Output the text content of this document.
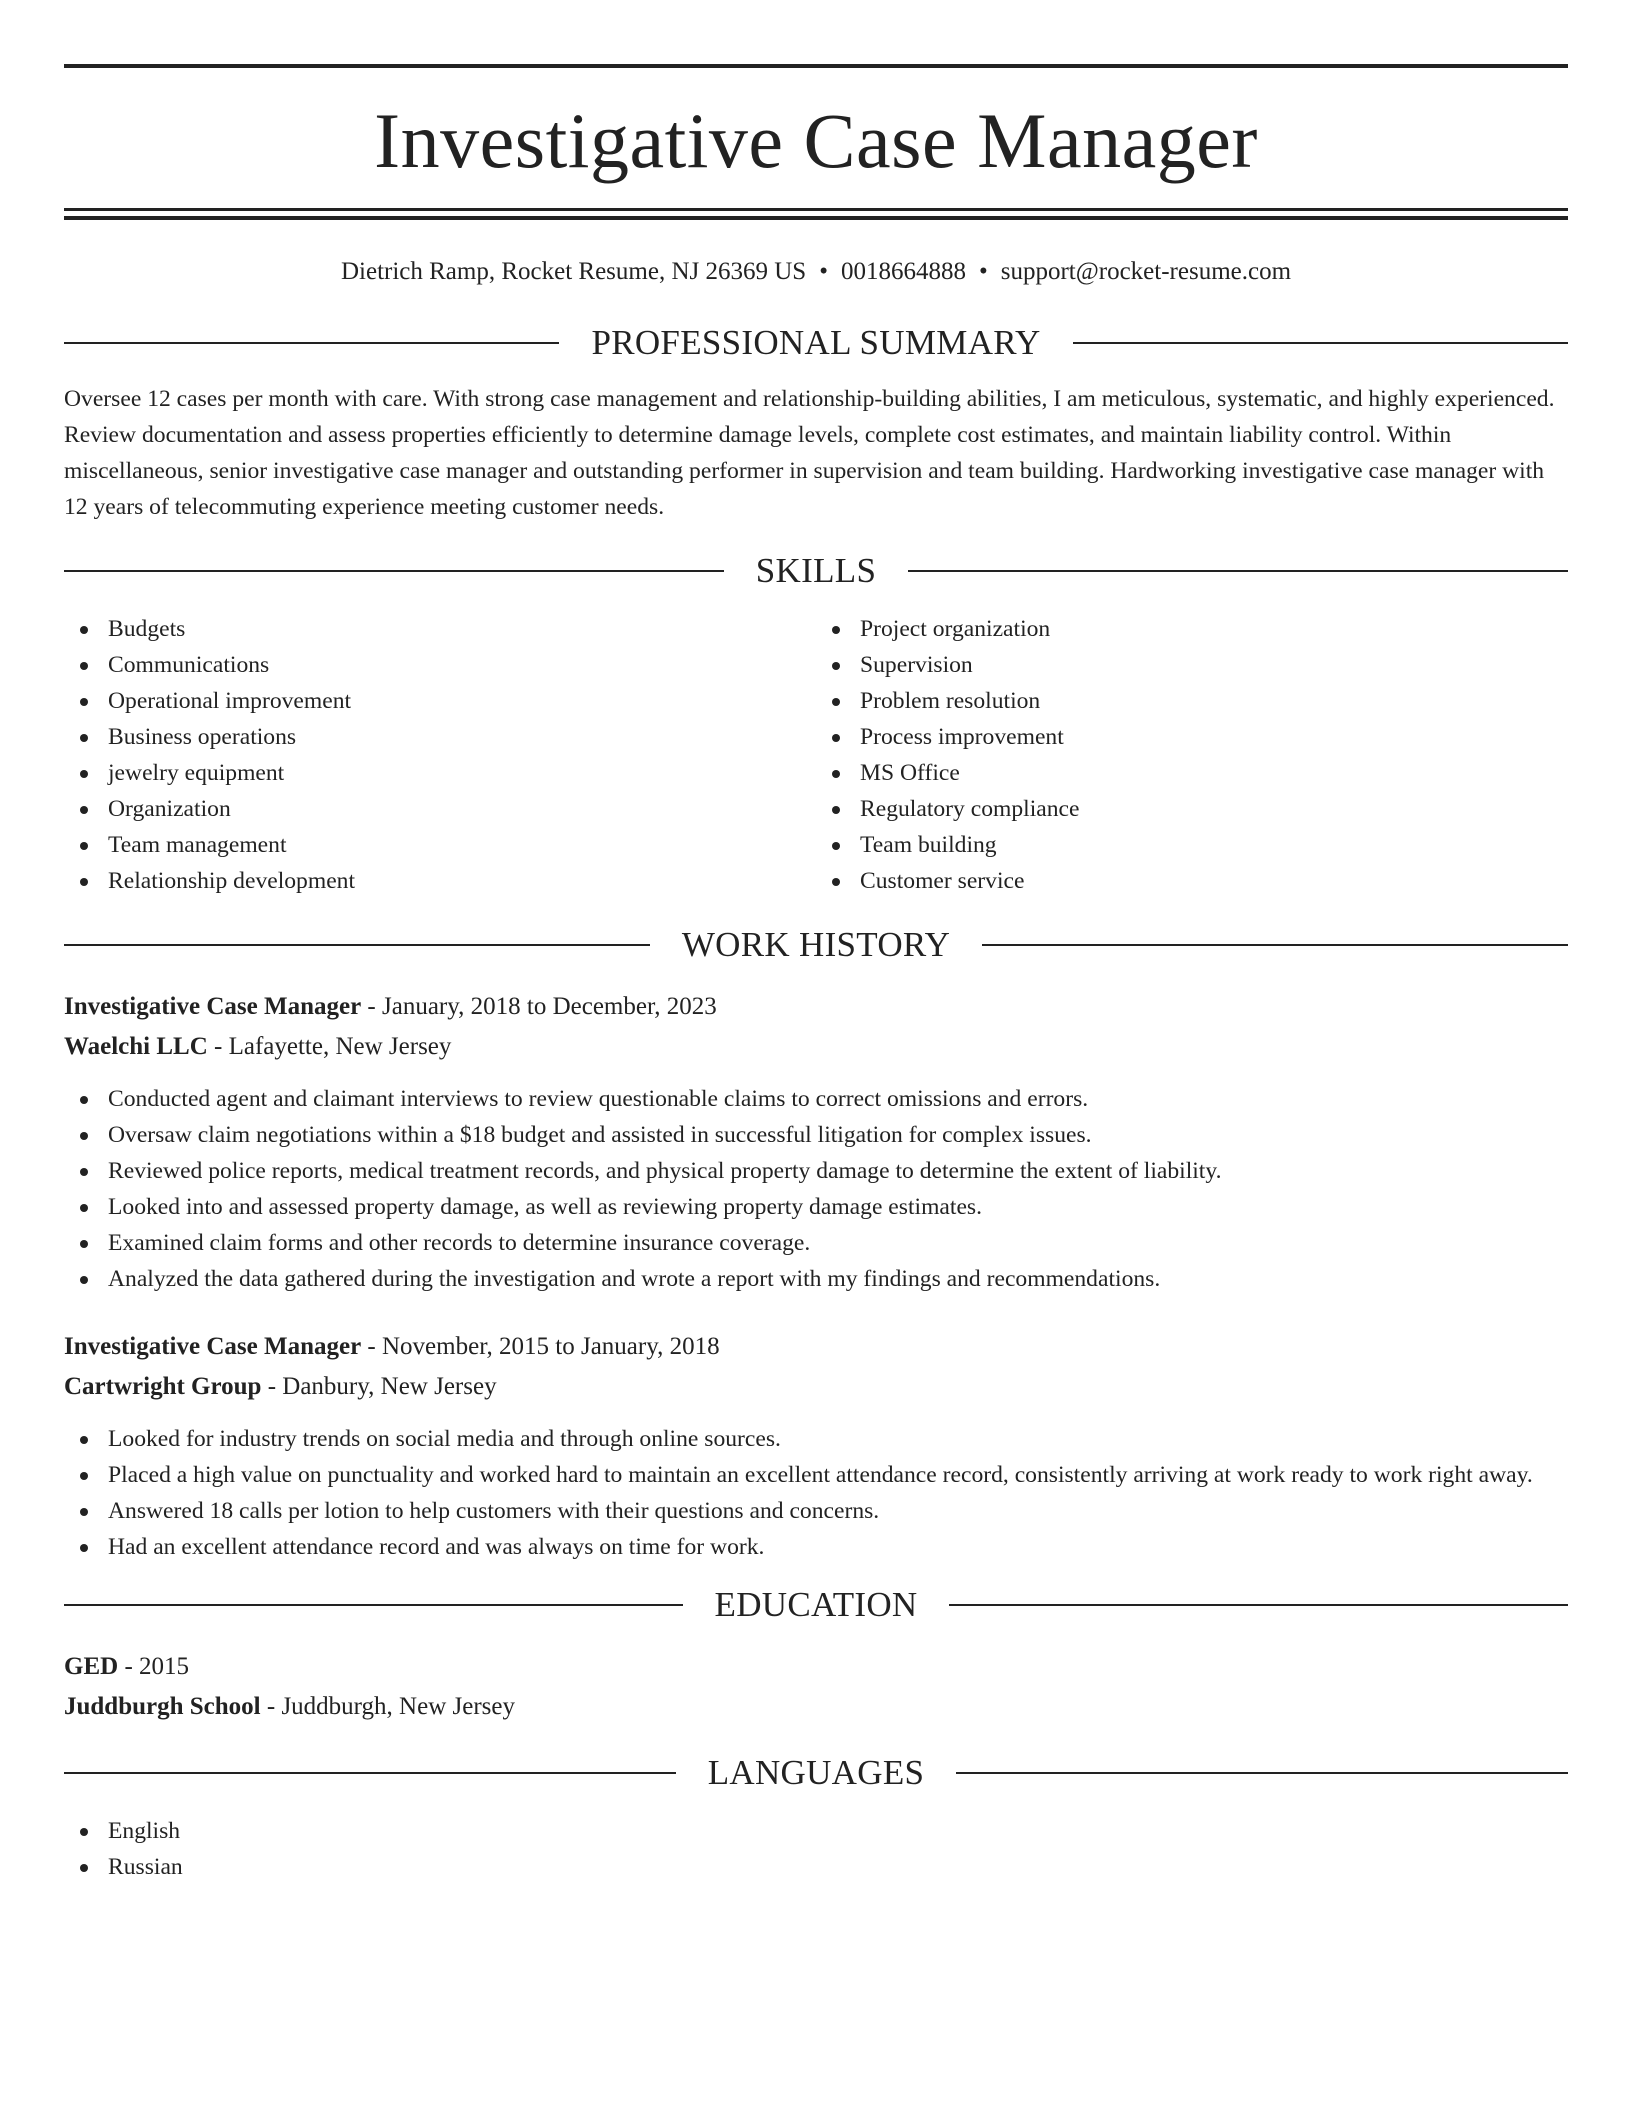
Investigative Case Manager
Dietrich Ramp, Rocket Resume, NJ 26369 US • 0018664888 • support@rocket-resume.com
PROFESSIONAL SUMMARY

Oversee 12 cases per month with care. With strong case management and relationship-building abilities, I am meticulous, systematic, and highly experienced. Review documentation and assess properties efficiently to determine damage levels, complete cost estimates, and maintain liability control. Within miscellaneous, senior investigative case manager and outstanding performer in supervision and team building. Hardworking investigative case manager with 12 years of telecommuting experience meeting customer needs.

SKILLS
Budgets
Communications
Operational improvement
Business operations
jewelry equipment
Organization
Team management
Relationship development
Project organization
Supervision
Problem resolution
Process improvement
MS Office
Regulatory compliance
Team building
Customer service
WORK HISTORY
Investigative Case Manager - January, 2018 to December, 2023
Waelchi LLC - Lafayette, New Jersey
Conducted agent and claimant interviews to review questionable claims to correct omissions and errors.
Oversaw claim negotiations within a $18 budget and assisted in successful litigation for complex issues.
Reviewed police reports, medical treatment records, and physical property damage to determine the extent of liability.
Looked into and assessed property damage, as well as reviewing property damage estimates.
Examined claim forms and other records to determine insurance coverage.
Analyzed the data gathered during the investigation and wrote a report with my findings and recommendations.
Investigative Case Manager - November, 2015 to January, 2018
Cartwright Group - Danbury, New Jersey
Looked for industry trends on social media and through online sources.
Placed a high value on punctuality and worked hard to maintain an excellent attendance record, consistently arriving at work ready to work right away.
Answered 18 calls per lotion to help customers with their questions and concerns.
Had an excellent attendance record and was always on time for work.
EDUCATION
GED - 2015
Juddburgh School - Juddburgh, New Jersey
LANGUAGES
English
Russian
